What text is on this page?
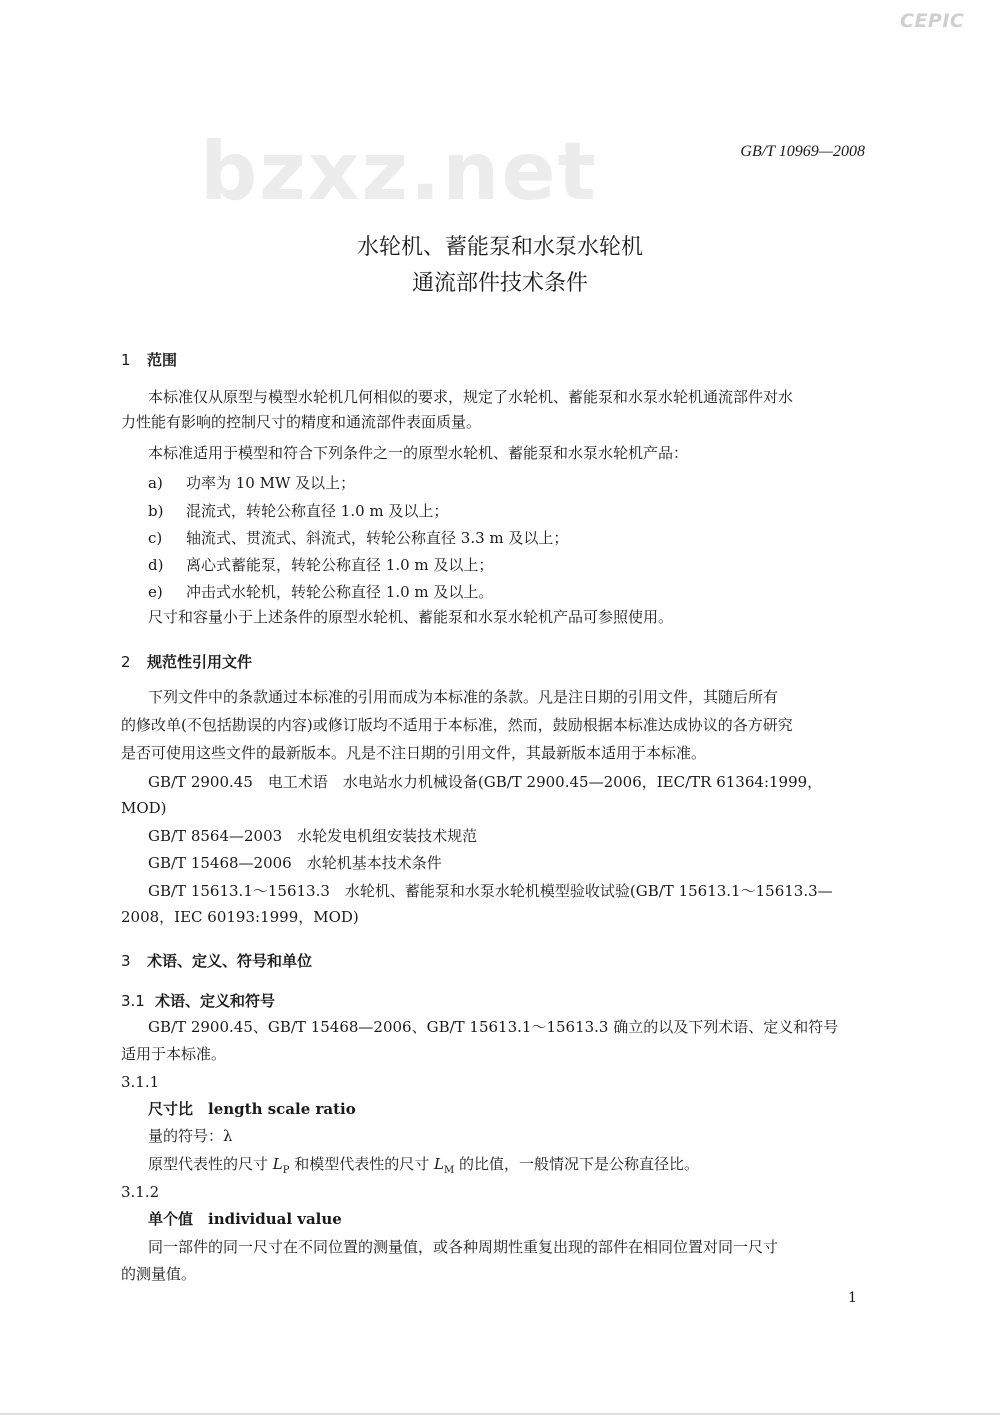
CEPIC
bzxz.net	GB/T 10969—2008
水轮机、蓄能泵和水泵水轮机
通流部件技术条件
1 范围
本标准仅从原型与模型水轮机几何相似的要求，规定了水轮机、蓄能泵和水泵水轮机通流部件对水
力性能有影响的控制尺寸的精度和通流部件表面质量。
本标准适用于模型和符合下列条件之一的原型水轮机、蓄能泵和水泵水轮机产品：
a) 功率为 10 MW 及以上；
b) 混流式，转轮公称直径 1.0 m 及以上；
c) 轴流式、贯流式、斜流式，转轮公称直径 3.3 m 及以上；
d) 离心式蓄能泵，转轮公称直径 1.0 m 及以上；
e) 冲击式水轮机，转轮公称直径 1.0 m 及以上。
尺寸和容量小于上述条件的原型水轮机、蓄能泵和水泵水轮机产品可参照使用。
2 规范性引用文件
下列文件中的条款通过本标准的引用而成为本标准的条款。凡是注日期的引用文件，其随后所有
的修改单(不包括勘误的内容)或修订版均不适用于本标准，然而，鼓励根据本标准达成协议的各方研究
是否可使用这些文件的最新版本。凡是不注日期的引用文件，其最新版本适用于本标准。
GB/T 2900.45　电工术语　水电站水力机械设备(GB/T 2900.45—2006，IEC/TR 61364:1999，
MOD)
GB/T 8564—2003　水轮发电机组安装技术规范
GB/T 15468—2006　水轮机基本技术条件
GB/T 15613.1～15613.3　水轮机、蓄能泵和水泵水轮机模型验收试验(GB/T 15613.1～15613.3—
2008，IEC 60193:1999，MOD)
3 术语、定义、符号和单位
3.1 术语、定义和符号
GB/T 2900.45、GB/T 15468—2006、GB/T 15613.1～15613.3 确立的以及下列术语、定义和符号
适用于本标准。
3.1.1
尺寸比　length scale ratio
量的符号：λ
原型代表性的尺寸 $L_P$ 和模型代表性的尺寸 $L_M$ 的比值，一般情况下是公称直径比。
3.1.2
单个值　individual value
同一部件的同一尺寸在不同位置的测量值，或各种周期性重复出现的部件在相同位置对同一尺寸
的测量值。
1
